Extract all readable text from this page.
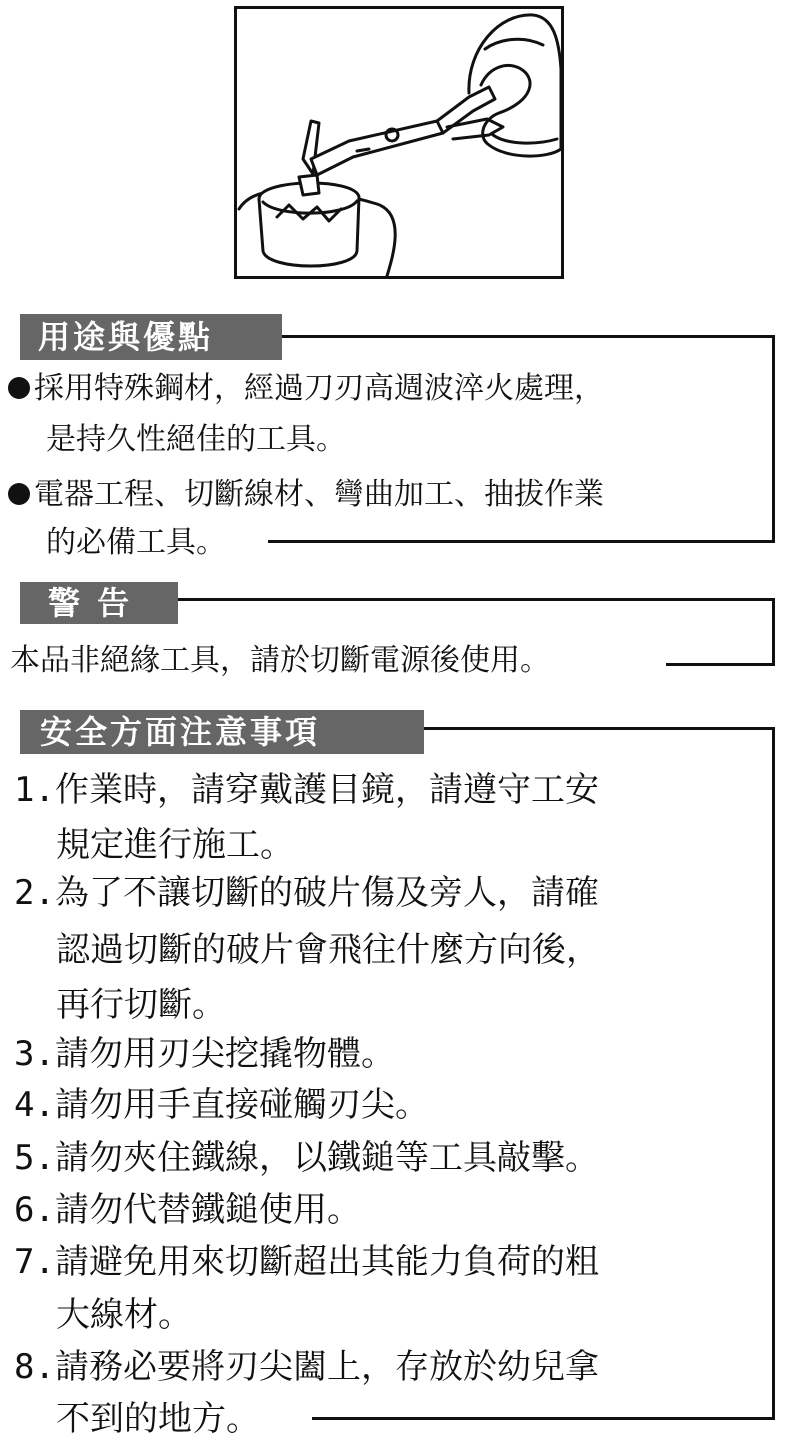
用途與優點
採用特殊鋼材，經過刀刃高週波淬火處理，
是持久性絕佳的工具。
電器工程、切斷線材、彎曲加工、抽拔作業
的必備工具。
警 告
本品非絕緣工具，請於切斷電源後使用。
安全方面注意事項
1.作業時，請穿戴護目鏡，請遵守工安
規定進行施工。
2.為了不讓切斷的破片傷及旁人，請確
認過切斷的破片會飛往什麼方向後，
再行切斷。
3.請勿用刃尖挖撬物體。
4.請勿用手直接碰觸刃尖。
5.請勿夾住鐵線，以鐵鎚等工具敲擊。
6.請勿代替鐵鎚使用。
7.請避免用來切斷超出其能力負荷的粗
大線材。
8.請務必要將刃尖闔上，存放於幼兒拿
不到的地方。
